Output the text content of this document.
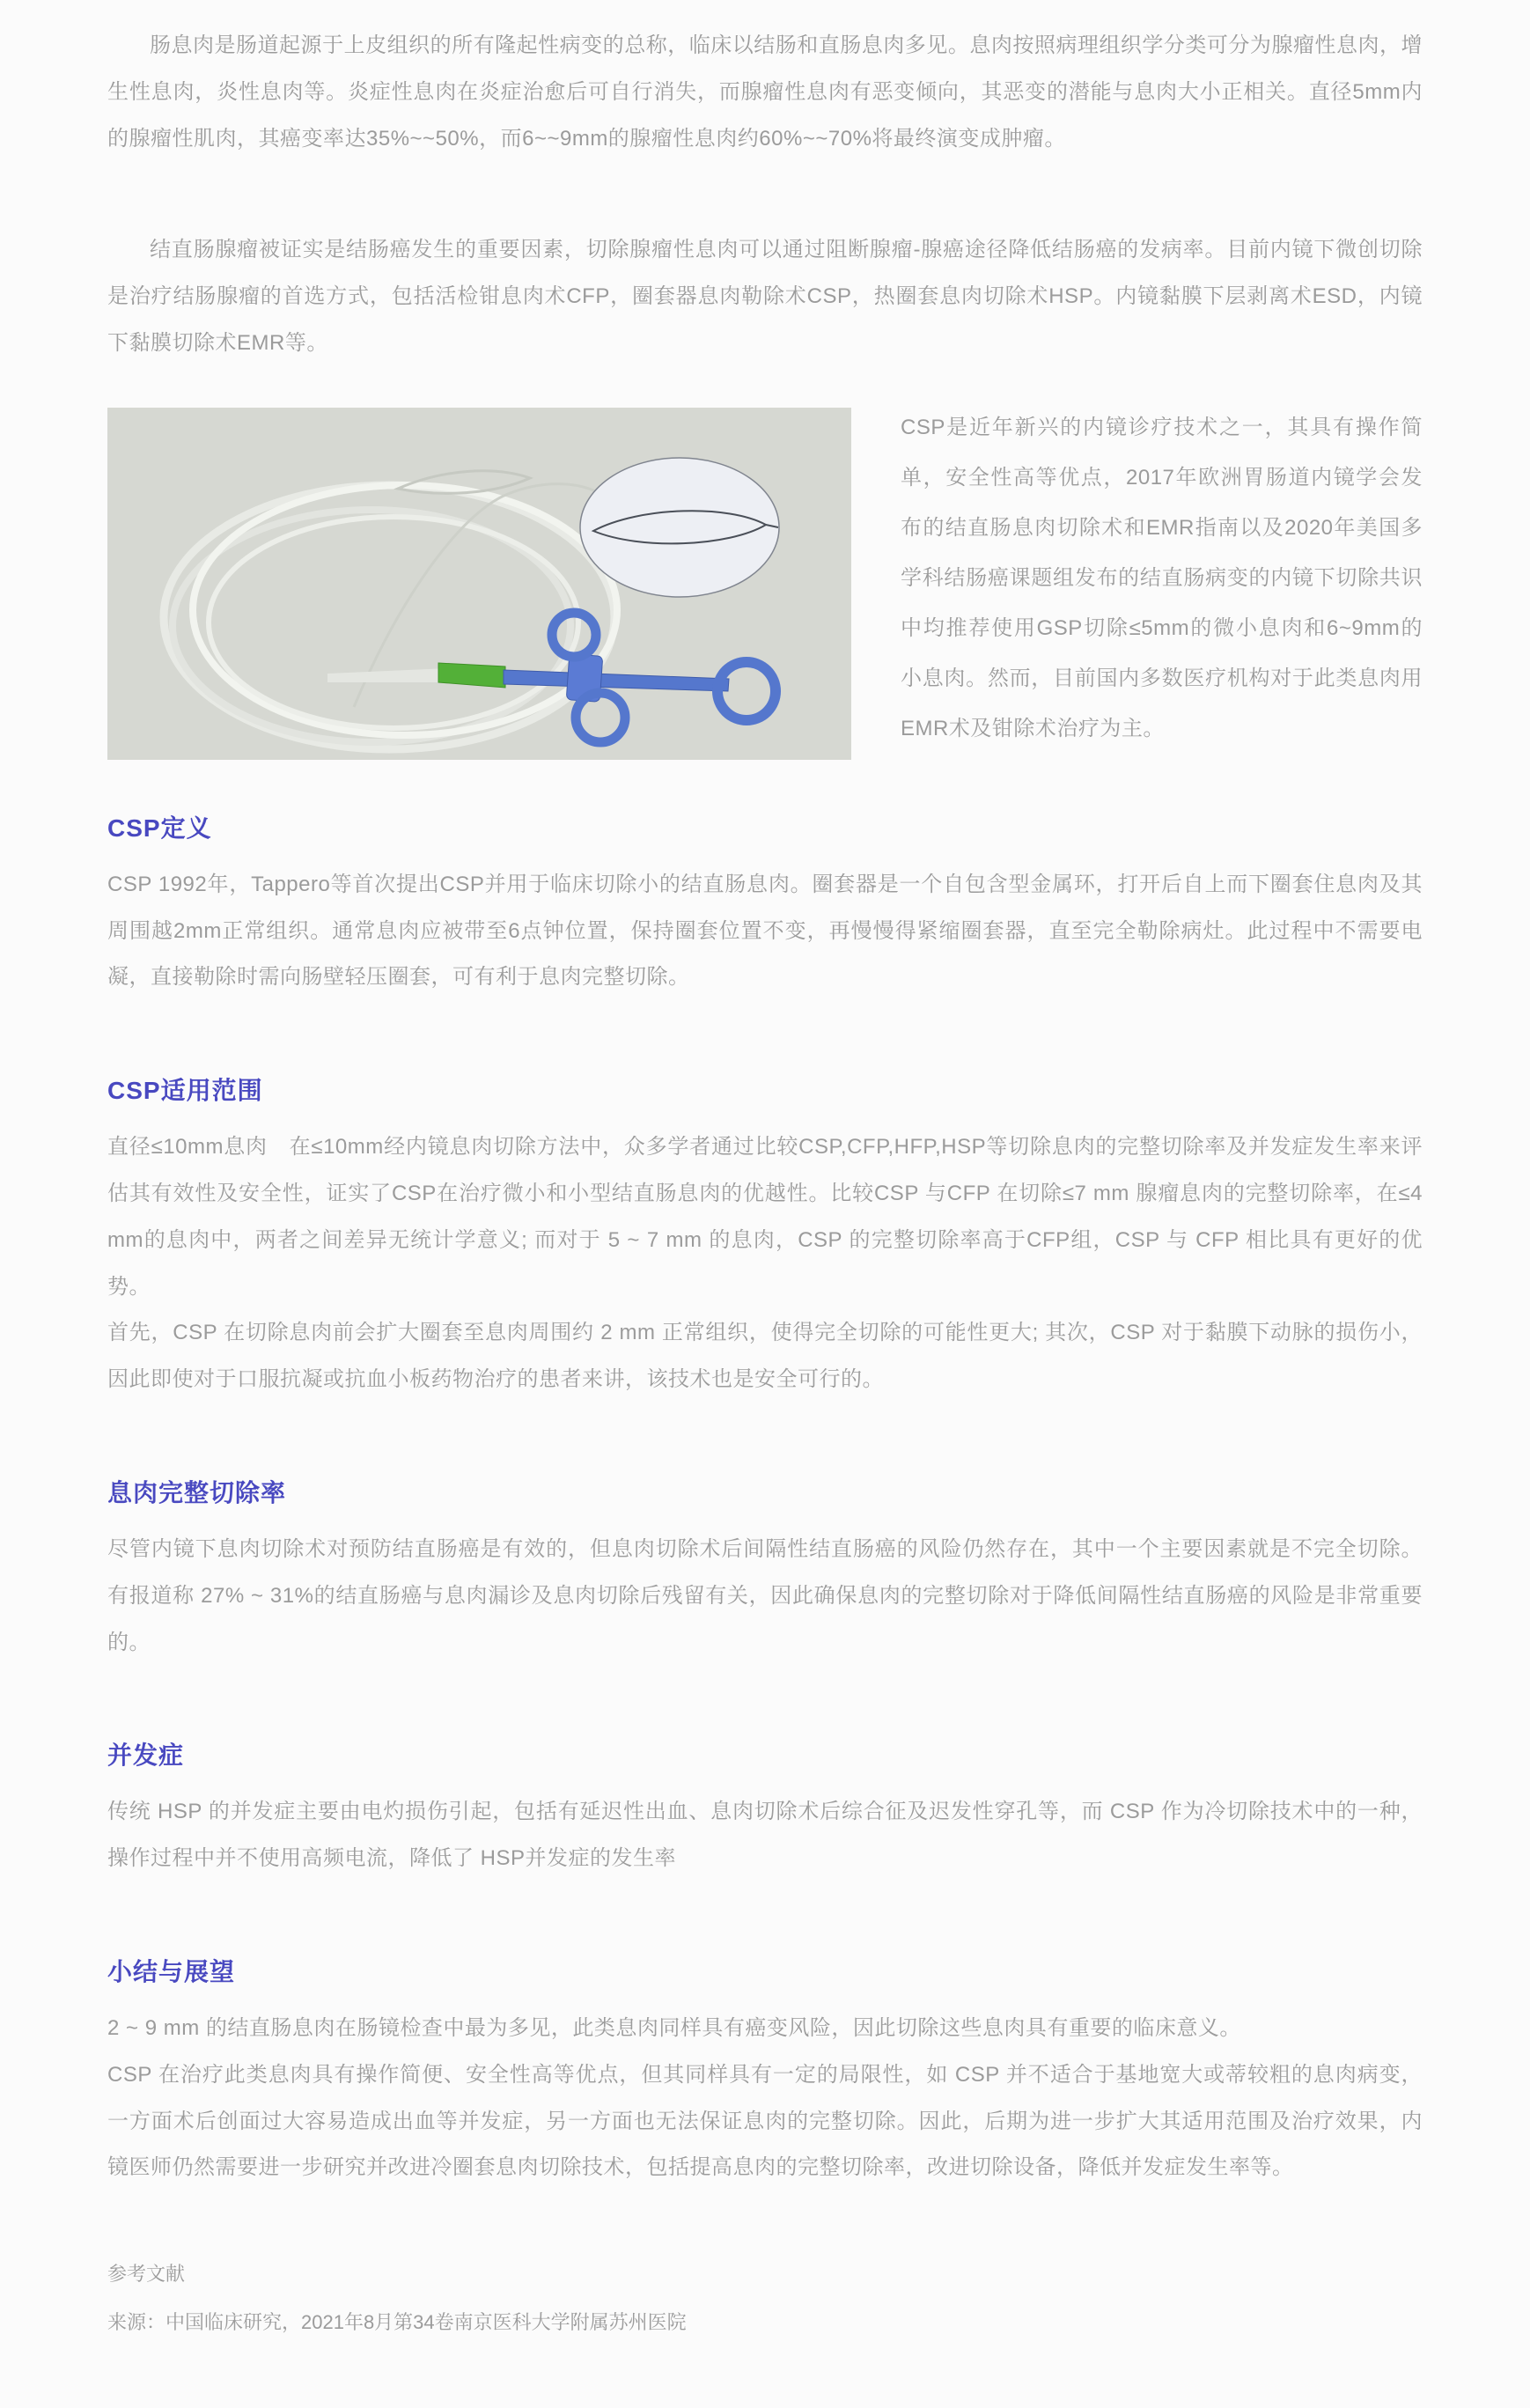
肠息肉是肠道起源于上皮组织的所有隆起性病变的总称，临床以结肠和直肠息肉多见。息肉按照病理组织学分类可分为腺瘤性息肉，增生性息肉，炎性息肉等。炎症性息肉在炎症治愈后可自行消失，而腺瘤性息肉有恶变倾向，其恶变的潜能与息肉大小正相关。直径5mm内的腺瘤性肌肉，其癌变率达35%~~50%，而6~~9mm的腺瘤性息肉约60%~~70%将最终演变成肿瘤。

结直肠腺瘤被证实是结肠癌发生的重要因素，切除腺瘤性息肉可以通过阻断腺瘤-腺癌途径降低结肠癌的发病率。目前内镜下微创切除是治疗结肠腺瘤的首选方式，包括活检钳息肉术CFP，圈套器息肉勒除术CSP，热圈套息肉切除术HSP。内镜黏膜下层剥离术ESD，内镜下黏膜切除术EMR等。

CSP是近年新兴的内镜诊疗技术之一，其具有操作简单，安全性高等优点，2017年欧洲胃肠道内镜学会发布的结直肠息肉切除术和EMR指南以及2020年美国多学科结肠癌课题组发布的结直肠病变的内镜下切除共识中均推荐使用GSP切除≤5mm的微小息肉和6~9mm的小息肉。然而，目前国内多数医疗机构对于此类息肉用EMR术及钳除术治疗为主。

CSP定义

CSP 1992年，Tappero等首次提出CSP并用于临床切除小的结直肠息肉。圈套器是一个自包含型金属环，打开后自上而下圈套住息肉及其周围越2mm正常组织。通常息肉应被带至6点钟位置，保持圈套位置不变，再慢慢得紧缩圈套器，直至完全勒除病灶。此过程中不需要电凝，直接勒除时需向肠壁轻压圈套，可有利于息肉完整切除。

CSP适用范围

直径≤10mm息肉　在≤10mm经内镜息肉切除方法中，众多学者通过比较CSP,CFP,HFP,HSP等切除息肉的完整切除率及并发症发生率来评估其有效性及安全性，证实了CSP在治疗微小和小型结直肠息肉的优越性。比较CSP 与CFP 在切除≤7 mm 腺瘤息肉的完整切除率，在≤4 mm的息肉中，两者之间差异无统计学意义; 而对于 5 ~ 7 mm 的息肉，CSP 的完整切除率高于CFP组，CSP 与 CFP 相比具有更好的优势。

首先，CSP 在切除息肉前会扩大圈套至息肉周围约 2 mm 正常组织，使得完全切除的可能性更大; 其次，CSP 对于黏膜下动脉的损伤小，因此即使对于口服抗凝或抗血小板药物治疗的患者来讲，该技术也是安全可行的。

息肉完整切除率

尽管内镜下息肉切除术对预防结直肠癌是有效的，但息肉切除术后间隔性结直肠癌的风险仍然存在，其中一个主要因素就是不完全切除。有报道称 27% ~ 31%的结直肠癌与息肉漏诊及息肉切除后残留有关，因此确保息肉的完整切除对于降低间隔性结直肠癌的风险是非常重要的。

并发症

传统 HSP 的并发症主要由电灼损伤引起，包括有延迟性出血、息肉切除术后综合征及迟发性穿孔等，而 CSP 作为冷切除技术中的一种，操作过程中并不使用高频电流，降低了 HSP并发症的发生率

小结与展望

2 ~ 9 mm 的结直肠息肉在肠镜检查中最为多见，此类息肉同样具有癌变风险，因此切除这些息肉具有重要的临床意义。

CSP 在治疗此类息肉具有操作简便、安全性高等优点，但其同样具有一定的局限性，如 CSP 并不适合于基地宽大或蒂较粗的息肉病变，一方面术后创面过大容易造成出血等并发症，另一方面也无法保证息肉的完整切除。因此，后期为进一步扩大其适用范围及治疗效果，内镜医师仍然需要进一步研究并改进冷圈套息肉切除技术，包括提高息肉的完整切除率，改进切除设备，降低并发症发生率等。

参考文献

来源：中国临床研究，2021年8月第34卷南京医科大学附属苏州医院
